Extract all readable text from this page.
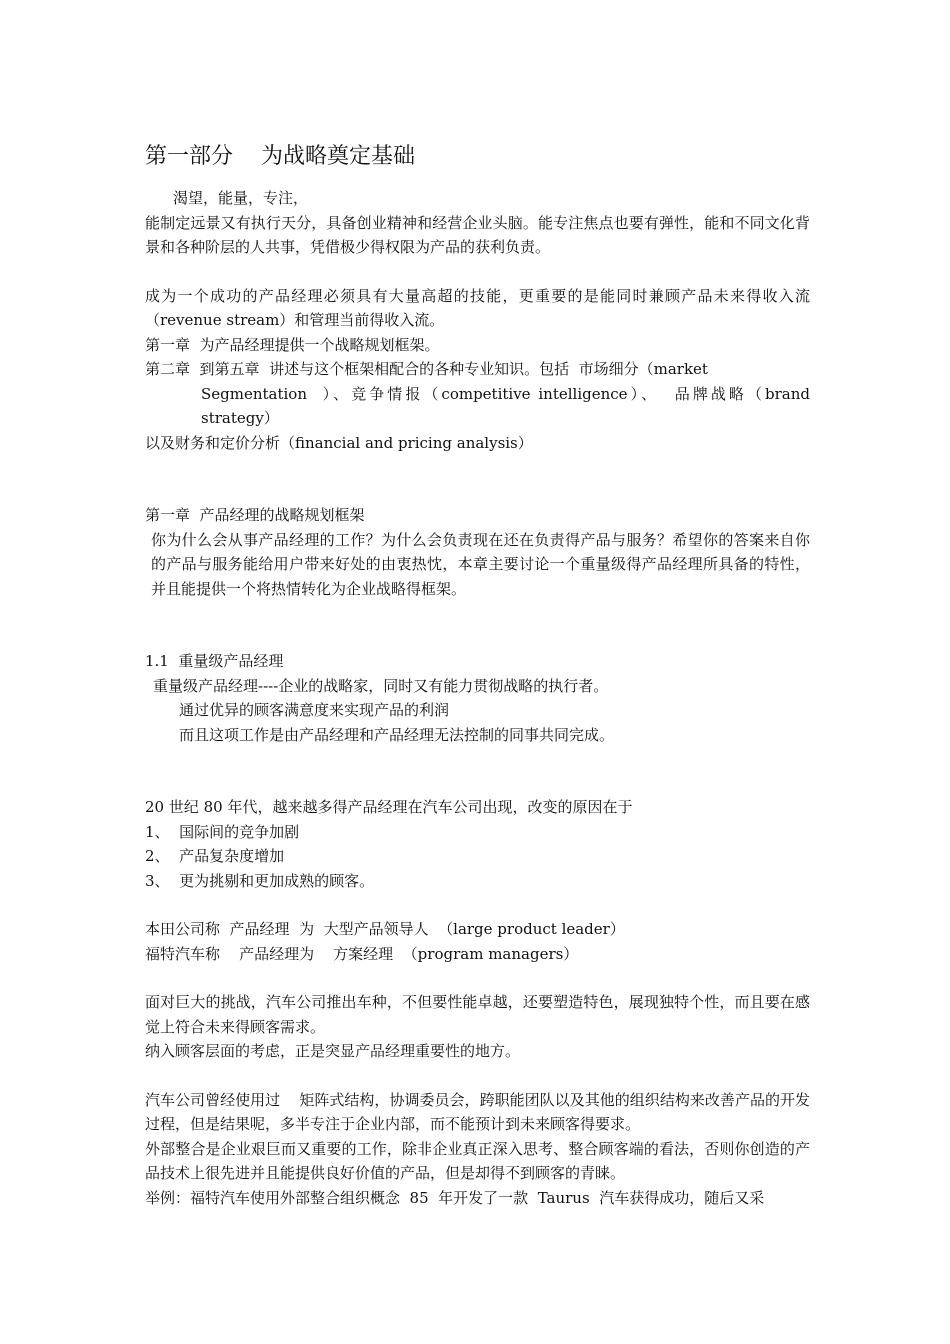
第一部分    为战略奠定基础
渴望，能量，专注，
能制定远景又有执行天分，具备创业精神和经营企业头脑。能专注焦点也要有弹性，能和不同文化背景和各种阶层的人共事，凭借极少得权限为产品的获利负责。
成为一个成功的产品经理必须具有大量高超的技能，更重要的是能同时兼顾产品未来得收入流（revenue stream）和管理当前得收入流。
第一章  为产品经理提供一个战略规划框架。
第二章  到第五章  讲述与这个框架相配合的各种专业知识。包括  市场细分（market
Segmentation  ）、竞争情报（competitive intelligence）、  品牌战略（brand strategy）
以及财务和定价分析（financial and pricing analysis）
第一章  产品经理的战略规划框架
你为什么会从事产品经理的工作？为什么会负责现在还在负责得产品与服务？希望你的答案来自你的产品与服务能给用户带来好处的由衷热忱，本章主要讨论一个重量级得产品经理所具备的特性，并且能提供一个将热情转化为企业战略得框架。
1.1  重量级产品经理
重量级产品经理----企业的战略家，同时又有能力贯彻战略的执行者。
通过优异的顾客满意度来实现产品的利润
而且这项工作是由产品经理和产品经理无法控制的同事共同完成。
20 世纪 80 年代，越来越多得产品经理在汽车公司出现，改变的原因在于
1、  国际间的竞争加剧
2、  产品复杂度增加
3、  更为挑剔和更加成熟的顾客。
本田公司称  产品经理  为  大型产品领导人  （large product leader）
福特汽车称    产品经理为    方案经理  （program managers）
面对巨大的挑战，汽车公司推出车种，不但要性能卓越，还要塑造特色，展现独特个性，而且要在感觉上符合未来得顾客需求。
纳入顾客层面的考虑，正是突显产品经理重要性的地方。
汽车公司曾经使用过    矩阵式结构，协调委员会，跨职能团队以及其他的组织结构来改善产品的开发过程，但是结果呢，多半专注于企业内部，而不能预计到未来顾客得要求。
外部整合是企业艰巨而又重要的工作，除非企业真正深入思考、整合顾客端的看法，否则你创造的产品技术上很先进并且能提供良好价值的产品，但是却得不到顾客的青睐。
举例：福特汽车使用外部整合组织概念  85  年开发了一款  Taurus  汽车获得成功，随后又采
